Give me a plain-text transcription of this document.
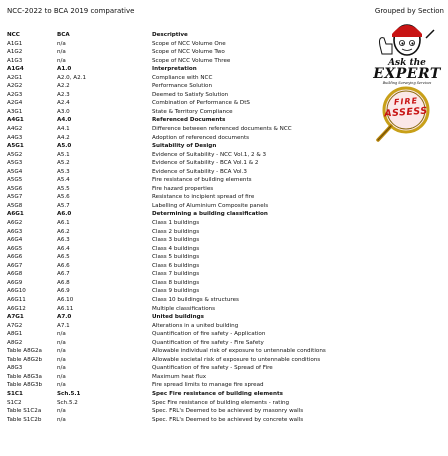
NCC-2022 to BCA 2019 comparative	Grouped by Section
NCC	BCA	Descriptive
A1G1	n/a	Scope of NCC Volume One
A1G2	n/a	Scope of NCC Volume Two
A1G3	n/a	Scope of NCC Volume Three
A1G4	A1.0	Interpretation
A2G1	A2.0, A2.1	Compliance with NCC
A2G2	A2.2	Performance Solution
A2G3	A2.3	Deemed to Satisfy Solution
A2G4	A2.4	Combination of Performance & DtS
A3G1	A3.0	State & Territory Compliance
A4G1	A4.0	Referenced Documents
A4G2	A4.1	Difference between referenced documents & NCC
A4G3	A4.2	Adoption of referenced documents
A5G1	A5.0	Suitability of Design
A5G2	A5.1	Evidence of Suitability - NCC Vol.1, 2 & 3
A5G3	A5.2	Evidence of Suitability - BCA Vol.1 & 2
A5G4	A5.3	Evidence of Suitability - BCA Vol.3
A5G5	A5.4	Fire resistance of building elements
A5G6	A5.5	Fire hazard properties
A5G7	A5.6	Resistance to incipient spread of fire
A5G8	A5.7	Labelling of Aluminium Composite panels
A6G1	A6.0	Determining a building classification
A6G2	A6.1	Class 1 buildings
A6G3	A6.2	Class 2 buildings
A6G4	A6.3	Class 3 buildings
A6G5	A6.4	Class 4 buildings
A6G6	A6.5	Class 5 buildings
A6G7	A6.6	Class 6 buildings
A6G8	A6.7	Class 7 buildings
A6G9	A6.8	Class 8 buildings
A6G10	A6.9	Class 9 buildings
A6G11	A6.10	Class 10 buildings & structures
A6G12	A6.11	Multiple classifications
A7G1	A7.0	United buildings
A7G2	A7.1	Alterations in a united building
A8G1	n/a	Quantification of fire safety - Application
A8G2	n/a	Quantification of fire safety - Fire Safety
Table A8G2a	n/a	Allowable individual risk of exposure to untennable conditions
Table A8G2b	n/a	Allowable societal risk of exposure to untennable conditions
A8G3	n/a	Quantification of fire safety - Spread of Fire
Table A8G3a	n/a	Maximum heat flux
Table A8G3b	n/a	Fire spread limits to manage fire spread
S1C1	Sch.5.1	Spec Fire resistance of building elements
S1C2	Sch.5.2	Spec Fire resistance of building elements - rating
Table S1C2a	n/a	Spec. FRL's Deemed to be achieved by masonry walls
Table S1C2b	n/a	Spec. FRL's Deemed to be achieved by concrete walls
Ask the
EXPERT
Building Surveying Services
FIRE
ASSESS
